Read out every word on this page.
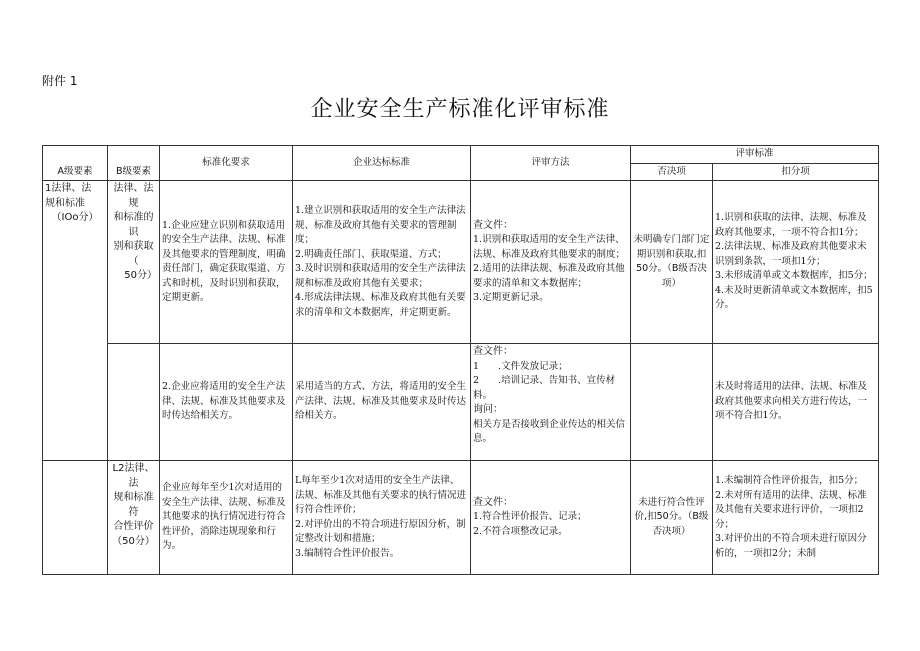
附件 1
企业安全生产标准化评审标准
A级要素	B级要素	标准化要求	企业达标标准	评审方法	评审标准	
					否决项	扣分项

1法律、法
规和标准
（IOo分）	法律、法规
和标准的识
别和获取（
50分）	1.企业应建立识别和获取适用的安全生产法律、法规、标准及其他要求的管理制度，明确责任部门，确定获取渠道、方式和时机，及时识别和获取，定期更新。	1.建立识别和获取适用的安全生产法律法规、标准及政府其他有关要求的管理制度；
2.明确责任部门、获取渠道、方式；
3.及时识别和获取适用的安全生产法律法规和标准及政府其他有关要求；
4.形成法律法规、标准及政府其他有关要求的清单和文本数据库，并定期更新。	查文件：
1.识别和获取适用的安全生产法律、法规、标准及政府其他要求的制度；
2.适用的法律法规、标准及政府其他要求的清单和文本数据库；
3.定期更新记录。	未明确专门部门定期识别和获取,扣50分。（B级否决项）	1.识别和获取的法律、法规、标准及政府其他要求，一项不符合扣1分；
2.法律法规、标准及政府其他要求未识别到条款，一项扣1分；
3.未形成清单或文本数据库，扣5分；
4.未及时更新清单或文本数据库，扣5分。

		2.企业应将适用的安全生产法律、法规、标准及其他要求及时传达给相关方。	采用适当的方式、方法，将适用的安全生产法律、法规、标准及其他要求及时传达给相关方。	查文件：
1　　.文件发放记录；
2　　.培训记录、告知书、宣传材料。
询问：
相关方是否接收到企业传达的相关信息。		未及时将适用的法律、法规、标准及政府其他要求向相关方进行传达，一项不符合扣1分。

	L2法律、法
规和标准符
合性评价
（50分）	企业应每年至少1次对适用的安全生产法律、法规、标准及其他要求的执行情况进行符合性评价，消除违规现象和行为。	L每年至少1次对适用的安全生产法律、法规、标准及其他有关要求的执行情况进行符合性评价；
2.对评价出的不符合项进行原因分析，制定整改计划和措施；
3.编制符合性评价报告。	查文件：
1.符合性评价报告、记录；
2.不符合项整改记录。	未进行符合性评价,扣50分。（B级否决项）	1.未编制符合性评价报告，扣5分；
2.未对所有适用的法律、法规、标准及其他有关要求进行评价，一项扣2分；
3.对评价出的不符合项未进行原因分析的，一项扣2分；未制
